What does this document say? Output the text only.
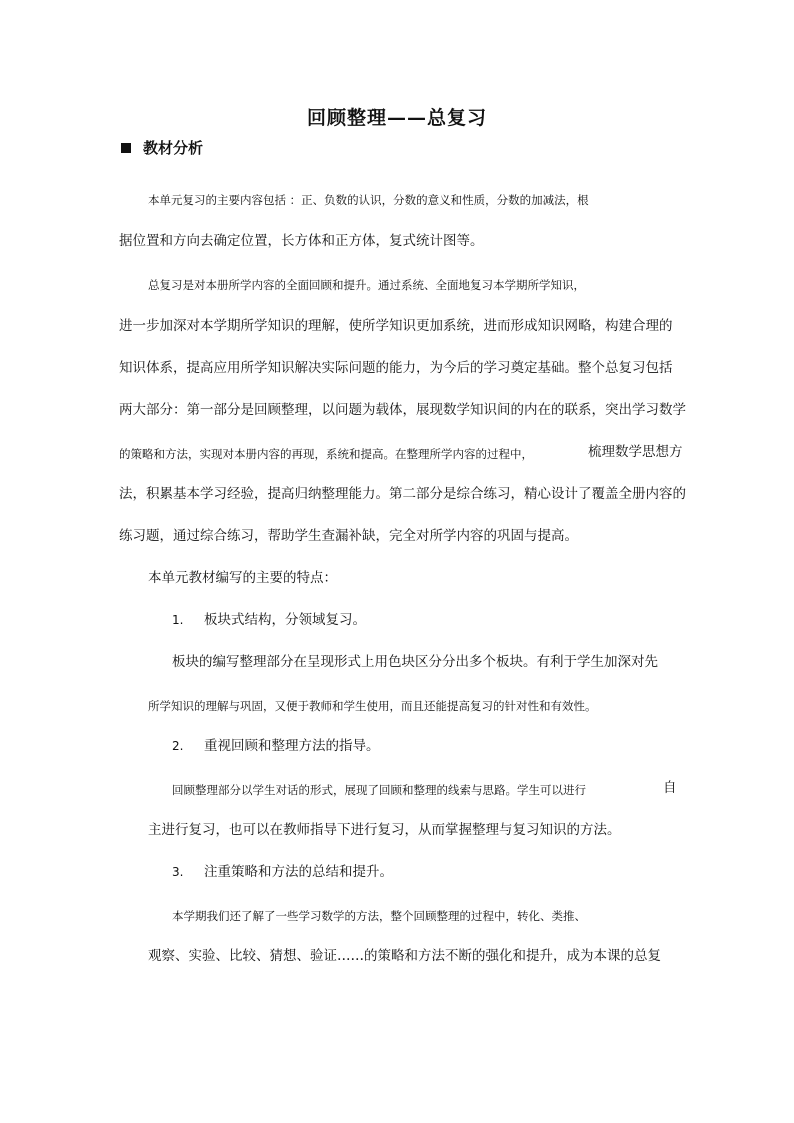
回顾整理——总复习
教材分析
本单元复习的主要内容包括 ：正、负数的认识，分数的意义和性质，分数的加减法，根
据位置和方向去确定位置，长方体和正方体，复式统计图等。
总复习是对本册所学内容的全面回顾和提升。通过系统、全面地复习本学期所学知识，
进一步加深对本学期所学知识的理解，使所学知识更加系统，进而形成知识网略，构建合理的
知识体系，提高应用所学知识解决实际问题的能力，为今后的学习奠定基础。整个总复习包括
两大部分：第一部分是回顾整理，以问题为载体，展现数学知识间的内在的联系，突出学习数学
的策略和方法，实现对本册内容的再现，系统和提高。在整理所学内容的过程中，	梳理数学思想方
法，积累基本学习经验，提高归纳整理能力。第二部分是综合练习，精心设计了覆盖全册内容的
练习题，通过综合练习，帮助学生查漏补缺，完全对所学内容的巩固与提高。
本单元教材编写的主要的特点：
1. 板块式结构，分领域复习。
板块的编写整理部分在呈现形式上用色块区分分出多个板块。有利于学生加深对先
所学知识的理解与巩固，又便于教师和学生使用，而且还能提高复习的针对性和有效性。
2. 重视回顾和整理方法的指导。
回顾整理部分以学生对话的形式，展现了回顾和整理的线索与思路。学生可以进行	自
主进行复习，也可以在教师指导下进行复习，从而掌握整理与复习知识的方法。
3. 注重策略和方法的总结和提升。
本学期我们还了解了一些学习数学的方法，整个回顾整理的过程中，转化、类推、
观察、实验、比较、猜想、验证……的策略和方法不断的强化和提升，成为本课的总复
